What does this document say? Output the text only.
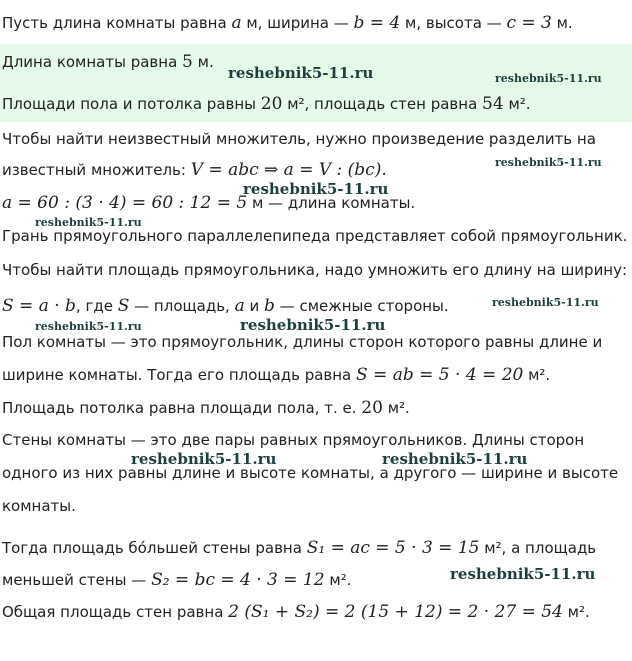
Пусть длина комнаты равна a м, ширина — b = 4 м, высота — c = 3 м.
Длина комнаты равна 5 м.
Площади пола и потолка равны 20 м², площадь стен равна 54 м².
Чтобы найти неизвестный множитель, нужно произведение разделить на
известный множитель: V = abc ⇒ a = V : (bc).
a = 60 : (3 · 4) = 60 : 12 = 5 м — длина комнаты.
Грань прямоугольного параллелепипеда представляет собой прямоугольник.
Чтобы найти площадь прямоугольника, надо умножить его длину на ширину:
S = a · b, где S — площадь, a и b — смежные стороны.
Пол комнаты — это прямоугольник, длины сторон которого равны длине и
ширине комнаты. Тогда его площадь равна S = ab = 5 · 4 = 20 м².
Площадь потолка равна площади пола, т. е. 20 м².
Стены комнаты — это две пары равных прямоугольников. Длины сторон
одного из них равны длине и высоте комнаты, а другого — ширине и высоте
комнаты.
Тогда площадь бо́льшей стены равна S₁ = ac = 5 · 3 = 15 м², а площадь
меньшей стены — S₂ = bc = 4 · 3 = 12 м².
Общая площадь стен равна 2 (S₁ + S₂) = 2 (15 + 12) = 2 · 27 = 54 м².
reshebnik5-11.ru	reshebnik5-11.ru
reshebnik5-11.ru
reshebnik5-11.ru
reshebnik5-11.ru
reshebnik5-11.ru
reshebnik5-11.ru	reshebnik5-11.ru
reshebnik5-11.ru	reshebnik5-11.ru
reshebnik5-11.ru
